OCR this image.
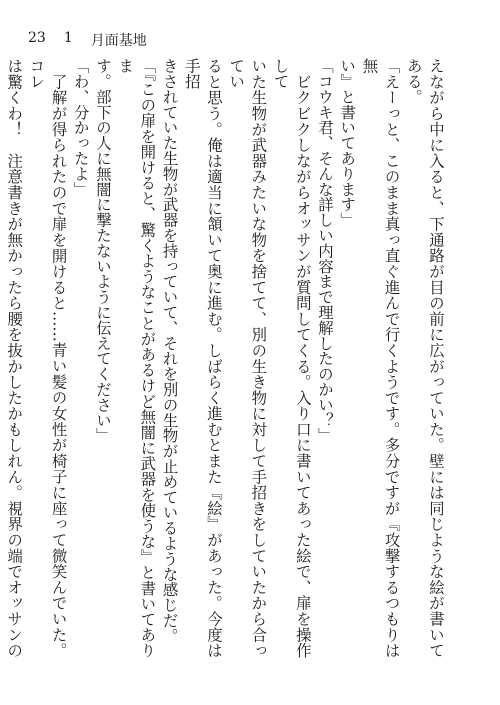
23 1 月面基地

えながら中に入ると、下通路が目の前に広がっていた。壁には同じような絵が書いてある。

「えーっと、このまま真っ直ぐ進んで行くようです。多分ですが『攻撃するつもりは無

い』と書いてあります」

「コウキ君、そんな詳しい内容まで理解したのかい？」

　ビクビクしながらオッサンが質問してくる。入り口に書いてあった絵で、扉を操作して

いた生物が武器みたいな物を捨てて、別の生き物に対して手招きをしていたから合ってい

ると思う。俺は適当に頷いて奥に進む。しばらく進むとまた『絵』があった。今度は手招

きされていた生物が武器を持っていて、それを別の生物が止めているような感じだ。

「『この扉を開けると、驚くようなことがあるけど無闇に武器を使うな』と書いてありま

す。部下の人に無闇に撃たないように伝えてください」

「わ、分かったよ」

　了解が得られたので扉を開けると……青い髪の女性が椅子に座って微笑んでいた。コレ

は驚くわ！　注意書きが無かったら腰を抜かしたかもしれん。視界の端でオッサンの
